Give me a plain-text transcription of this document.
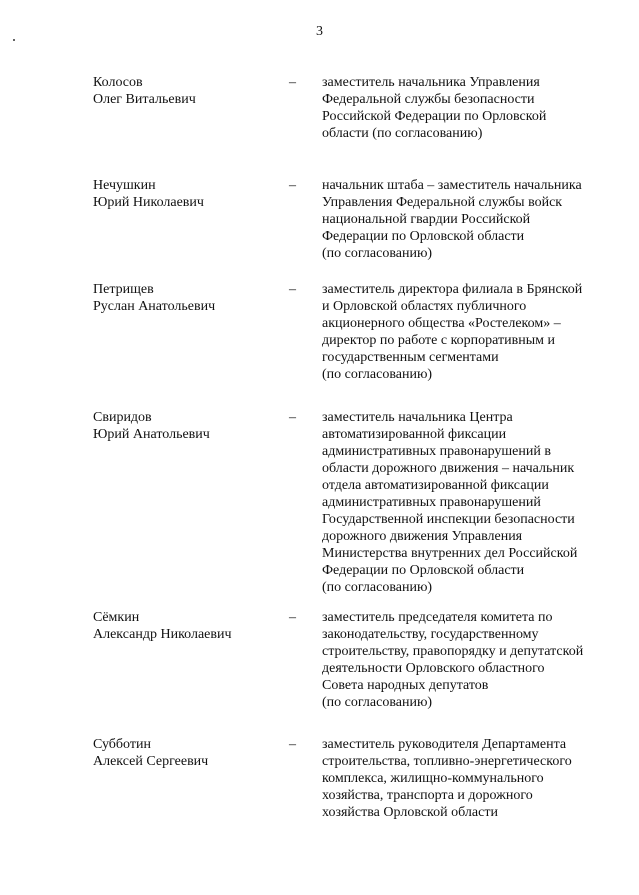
3
Колосов
Олег Витальевич
– заместитель начальника Управления
Федеральной службы безопасности
Российской Федерации по Орловской
области (по согласованию)
Нечушкин
Юрий Николаевич
– начальник штаба – заместитель начальника
Управления Федеральной службы войск
национальной гвардии Российской
Федерации по Орловской области
(по согласованию)
Петрищев
Руслан Анатольевич
– заместитель директора филиала в Брянской
и Орловской областях публичного
акционерного общества «Ростелеком» –
директор по работе с корпоративным и
государственным сегментами
(по согласованию)
Свиридов
Юрий Анатольевич
– заместитель начальника Центра
автоматизированной фиксации
административных правонарушений в
области дорожного движения – начальник
отдела автоматизированной фиксации
административных правонарушений
Государственной инспекции безопасности
дорожного движения Управления
Министерства внутренних дел Российской
Федерации по Орловской области
(по согласованию)
Сёмкин
Александр Николаевич
– заместитель председателя комитета по
законодательству, государственному
строительству, правопорядку и депутатской
деятельности Орловского областного
Совета народных депутатов
(по согласованию)
Субботин
Алексей Сергеевич
– заместитель руководителя Департамента
строительства, топливно-энергетического
комплекса, жилищно-коммунального
хозяйства, транспорта и дорожного
хозяйства Орловской области
